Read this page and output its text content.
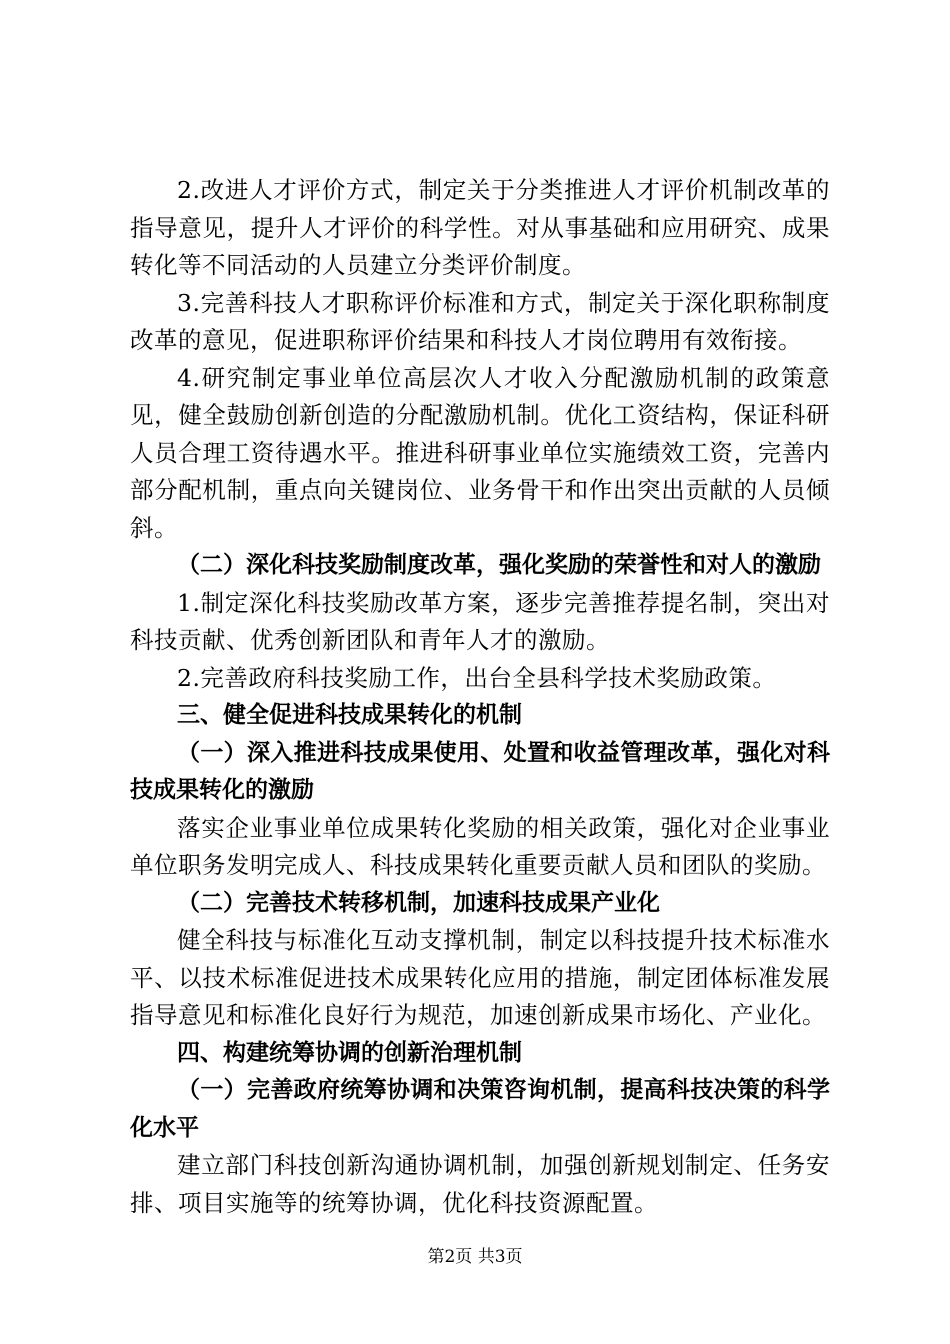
2.改进人才评价方式，制定关于分类推进人才评价机制改革的指导意见，提升人才评价的科学性。对从事基础和应用研究、成果转化等不同活动的人员建立分类评价制度。

3.完善科技人才职称评价标准和方式，制定关于深化职称制度改革的意见，促进职称评价结果和科技人才岗位聘用有效衔接。

4.研究制定事业单位高层次人才收入分配激励机制的政策意见，健全鼓励创新创造的分配激励机制。优化工资结构，保证科研人员合理工资待遇水平。推进科研事业单位实施绩效工资，完善内部分配机制，重点向关键岗位、业务骨干和作出突出贡献的人员倾斜。

（二）深化科技奖励制度改革，强化奖励的荣誉性和对人的激励

1.制定深化科技奖励改革方案，逐步完善推荐提名制，突出对科技贡献、优秀创新团队和青年人才的激励。

2.完善政府科技奖励工作，出台全县科学技术奖励政策。

三、健全促进科技成果转化的机制

（一）深入推进科技成果使用、处置和收益管理改革，强化对科技成果转化的激励

落实企业事业单位成果转化奖励的相关政策，强化对企业事业单位职务发明完成人、科技成果转化重要贡献人员和团队的奖励。

（二）完善技术转移机制，加速科技成果产业化

健全科技与标准化互动支撑机制，制定以科技提升技术标准水平、以技术标准促进技术成果转化应用的措施，制定团体标准发展指导意见和标准化良好行为规范，加速创新成果市场化、产业化。

四、构建统筹协调的创新治理机制

（一）完善政府统筹协调和决策咨询机制，提高科技决策的科学化水平

建立部门科技创新沟通协调机制，加强创新规划制定、任务安排、项目实施等的统筹协调，优化科技资源配置。

第2页 共3页
